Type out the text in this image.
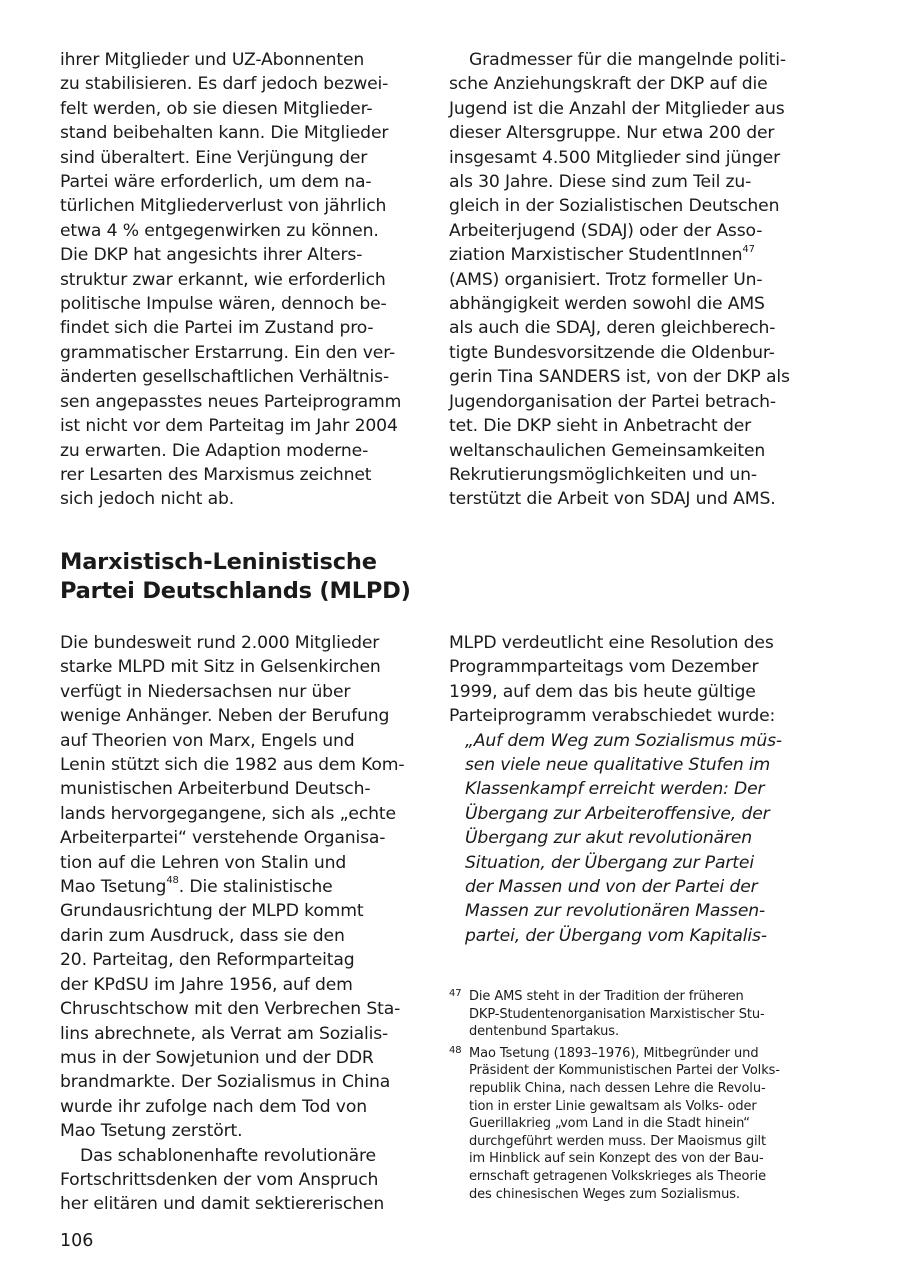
ihrer Mitglieder und UZ-Abonnenten
zu stabilisieren. Es darf jedoch bezwei-
felt werden, ob sie diesen Mitglieder-
stand beibehalten kann. Die Mitglieder
sind überaltert. Eine Verjüngung der
Partei wäre erforderlich, um dem na-
türlichen Mitgliederverlust von jährlich
etwa 4 % entgegenwirken zu können.
Die DKP hat angesichts ihrer Alters-
struktur zwar erkannt, wie erforderlich
politische Impulse wären, dennoch be-
findet sich die Partei im Zustand pro-
grammatischer Erstarrung. Ein den ver-
änderten gesellschaftlichen Verhältnis-
sen angepasstes neues Parteiprogramm
ist nicht vor dem Parteitag im Jahr 2004
zu erwarten. Die Adaption moderne-
rer Lesarten des Marxismus zeichnet
sich jedoch nicht ab.
Gradmesser für die mangelnde politi-
sche Anziehungskraft der DKP auf die
Jugend ist die Anzahl der Mitglieder aus
dieser Altersgruppe. Nur etwa 200 der
insgesamt 4.500 Mitglieder sind jünger
als 30 Jahre. Diese sind zum Teil zu-
gleich in der Sozialistischen Deutschen
Arbeiterjugend (SDAJ) oder der Asso-
ziation Marxistischer StudentInnen$^{47}$
(AMS) organisiert. Trotz formeller Un-
abhängigkeit werden sowohl die AMS
als auch die SDAJ, deren gleichberech-
tigte Bundesvorsitzende die Oldenbur-
gerin Tina SANDERS ist, von der DKP als
Jugendorganisation der Partei betrach-
tet. Die DKP sieht in Anbetracht der
weltanschaulichen Gemeinsamkeiten
Rekrutierungsmöglichkeiten und un-
terstützt die Arbeit von SDAJ und AMS.
Marxistisch-Leninistische
Partei Deutschlands (MLPD)
Die bundesweit rund 2.000 Mitglieder
starke MLPD mit Sitz in Gelsenkirchen
verfügt in Niedersachsen nur über
wenige Anhänger. Neben der Berufung
auf Theorien von Marx, Engels und
Lenin stützt sich die 1982 aus dem Kom-
munistischen Arbeiterbund Deutsch-
lands hervorgegangene, sich als „echte
Arbeiterpartei“ verstehende Organisa-
tion auf die Lehren von Stalin und
Mao Tsetung$^{48}$. Die stalinistische
Grundausrichtung der MLPD kommt
darin zum Ausdruck, dass sie den
20. Parteitag, den Reformparteitag
der KPdSU im Jahre 1956, auf dem
Chruschtschow mit den Verbrechen Sta-
lins abrechnete, als Verrat am Sozialis-
mus in der Sowjetunion und der DDR
brandmarkte. Der Sozialismus in China
wurde ihr zufolge nach dem Tod von
Mao Tsetung zerstört.
Das schablonenhafte revolutionäre
Fortschrittsdenken der vom Anspruch
her elitären und damit sektiererischen
MLPD verdeutlicht eine Resolution des
Programmparteitags vom Dezember
1999, auf dem das bis heute gültige
Parteiprogramm verabschiedet wurde:
„Auf dem Weg zum Sozialismus müs-
sen viele neue qualitative Stufen im
Klassenkampf erreicht werden: Der
Übergang zur Arbeiteroffensive, der
Übergang zur akut revolutionären
Situation, der Übergang zur Partei
der Massen und von der Partei der
Massen zur revolutionären Massen-
partei, der Übergang vom Kapitalis-
47 Die AMS steht in der Tradition der früheren
DKP-Studentenorganisation Marxistischer Stu-
dentenbund Spartakus.
48 Mao Tsetung (1893–1976), Mitbegründer und
Präsident der Kommunistischen Partei der Volks-
republik China, nach dessen Lehre die Revolu-
tion in erster Linie gewaltsam als Volks- oder
Guerillakrieg „vom Land in die Stadt hinein“
durchgeführt werden muss. Der Maoismus gilt
im Hinblick auf sein Konzept des von der Bau-
ernschaft getragenen Volkskrieges als Theorie
des chinesischen Weges zum Sozialismus.
106
